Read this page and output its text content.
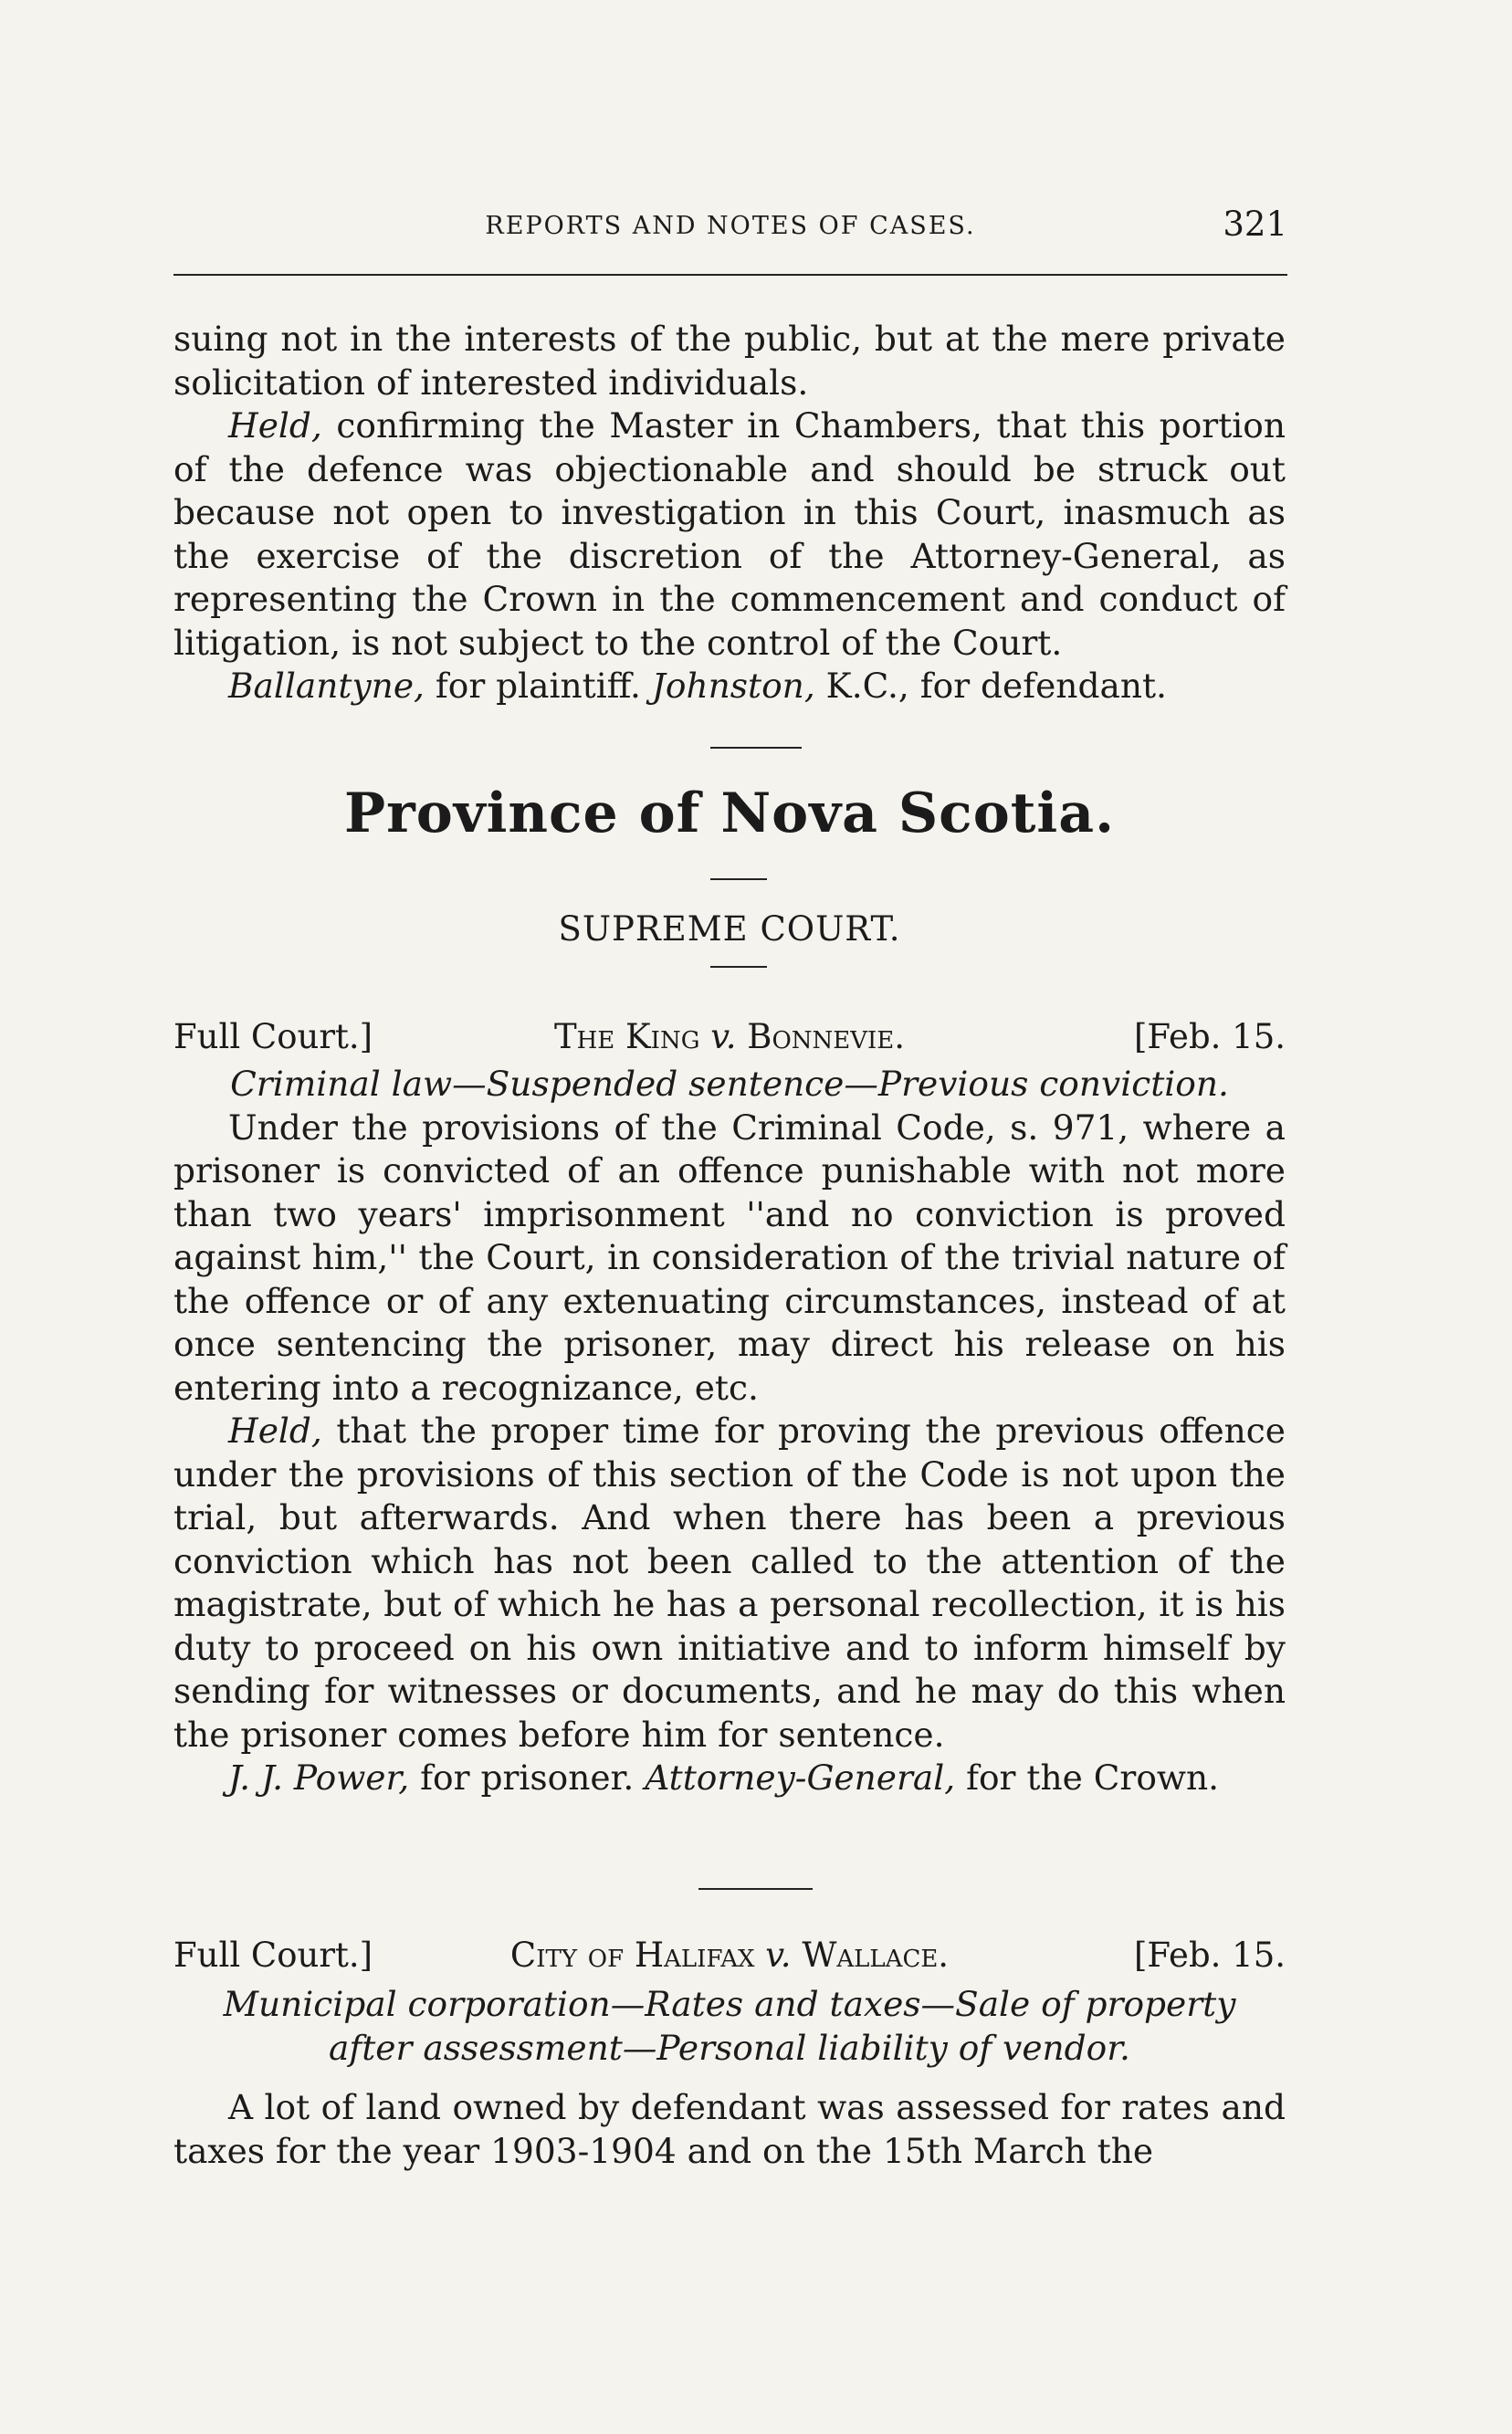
REPORTS AND NOTES OF CASES.	321

suing not in the interests of the public, but at the mere private solicitation of interested individuals.

Held, confirming the Master in Chambers, that this portion of the defence was objectionable and should be struck out because not open to investigation in this Court, inasmuch as the exercise of the discretion of the Attorney-General, as representing the Crown in the commencement and conduct of litigation, is not subject to the control of the Court.

Ballantyne, for plaintiff. Johnston, K.C., for defendant.

Province of Nova Scotia.
SUPREME COURT.
Full Court.]	The King v. Bonnevie.	[Feb. 15.

Criminal law—Suspended sentence—Previous conviction.

Under the provisions of the Criminal Code, s. 971, where a prisoner is convicted of an offence punishable with not more than two years' imprisonment ''and no conviction is proved against him,'' the Court, in consideration of the trivial nature of the offence or of any extenuating circumstances, instead of at once sentencing the prisoner, may direct his release on his entering into a recognizance, etc.

Held, that the proper time for proving the previous offence under the provisions of this section of the Code is not upon the trial, but afterwards. And when there has been a previous conviction which has not been called to the attention of the magistrate, but of which he has a personal recollection, it is his duty to proceed on his own initiative and to inform himself by sending for witnesses or documents, and he may do this when the prisoner comes before him for sentence.

J. J. Power, for prisoner. Attorney-General, for the Crown.

Full Court.]	City of Halifax v. Wallace.	[Feb. 15.

Municipal corporation—Rates and taxes—Sale of property after assessment—Personal liability of vendor.

A lot of land owned by defendant was assessed for rates and taxes for the year 1903-1904 and on the 15th March the
